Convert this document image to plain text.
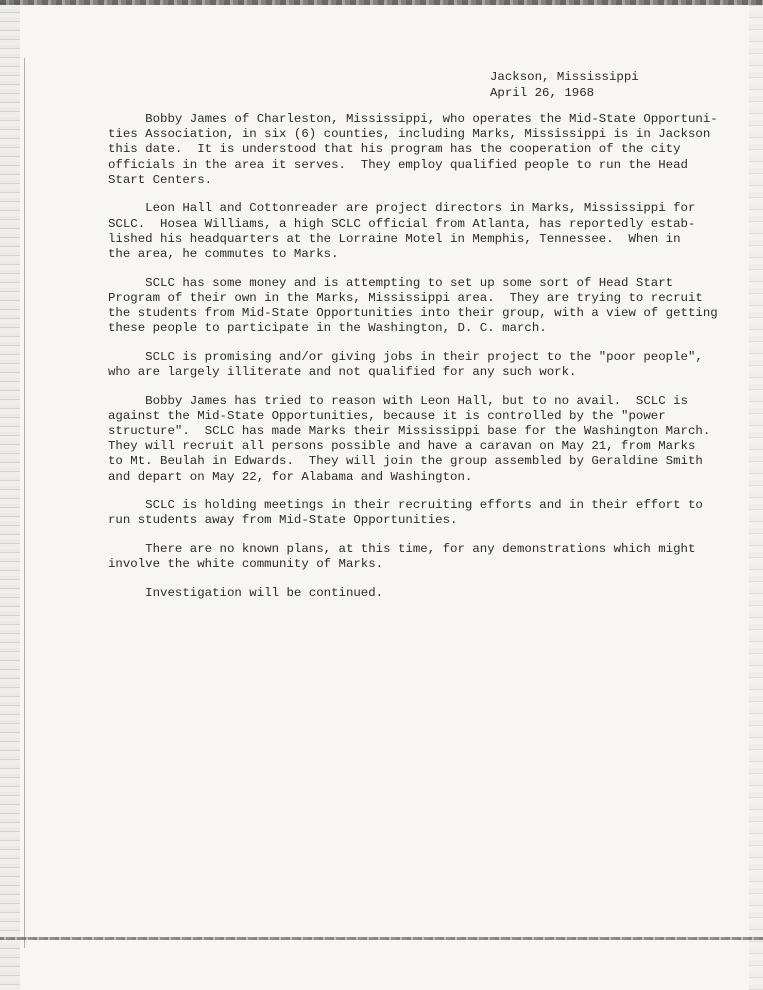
Jackson, Mississippi
April 26, 1968
Bobby James of Charleston, Mississippi, who operates the Mid-State Opportuni-
ties Association, in six (6) counties, including Marks, Mississippi is in Jackson
this date.  It is understood that his program has the cooperation of the city
officials in the area it serves.  They employ qualified people to run the Head
Start Centers.
Leon Hall and Cottonreader are project directors in Marks, Mississippi for
SCLC.  Hosea Williams, a high SCLC official from Atlanta, has reportedly estab-
lished his headquarters at the Lorraine Motel in Memphis, Tennessee.  When in
the area, he commutes to Marks.
SCLC has some money and is attempting to set up some sort of Head Start
Program of their own in the Marks, Mississippi area.  They are trying to recruit
the students from Mid-State Opportunities into their group, with a view of getting
these people to participate in the Washington, D. C. march.
SCLC is promising and/or giving jobs in their project to the "poor people",
who are largely illiterate and not qualified for any such work.
Bobby James has tried to reason with Leon Hall, but to no avail.  SCLC is
against the Mid-State Opportunities, because it is controlled by the "power
structure".  SCLC has made Marks their Mississippi base for the Washington March.
They will recruit all persons possible and have a caravan on May 21, from Marks
to Mt. Beulah in Edwards.  They will join the group assembled by Geraldine Smith
and depart on May 22, for Alabama and Washington.
SCLC is holding meetings in their recruiting efforts and in their effort to
run students away from Mid-State Opportunities.
There are no known plans, at this time, for any demonstrations which might
involve the white community of Marks.
Investigation will be continued.
